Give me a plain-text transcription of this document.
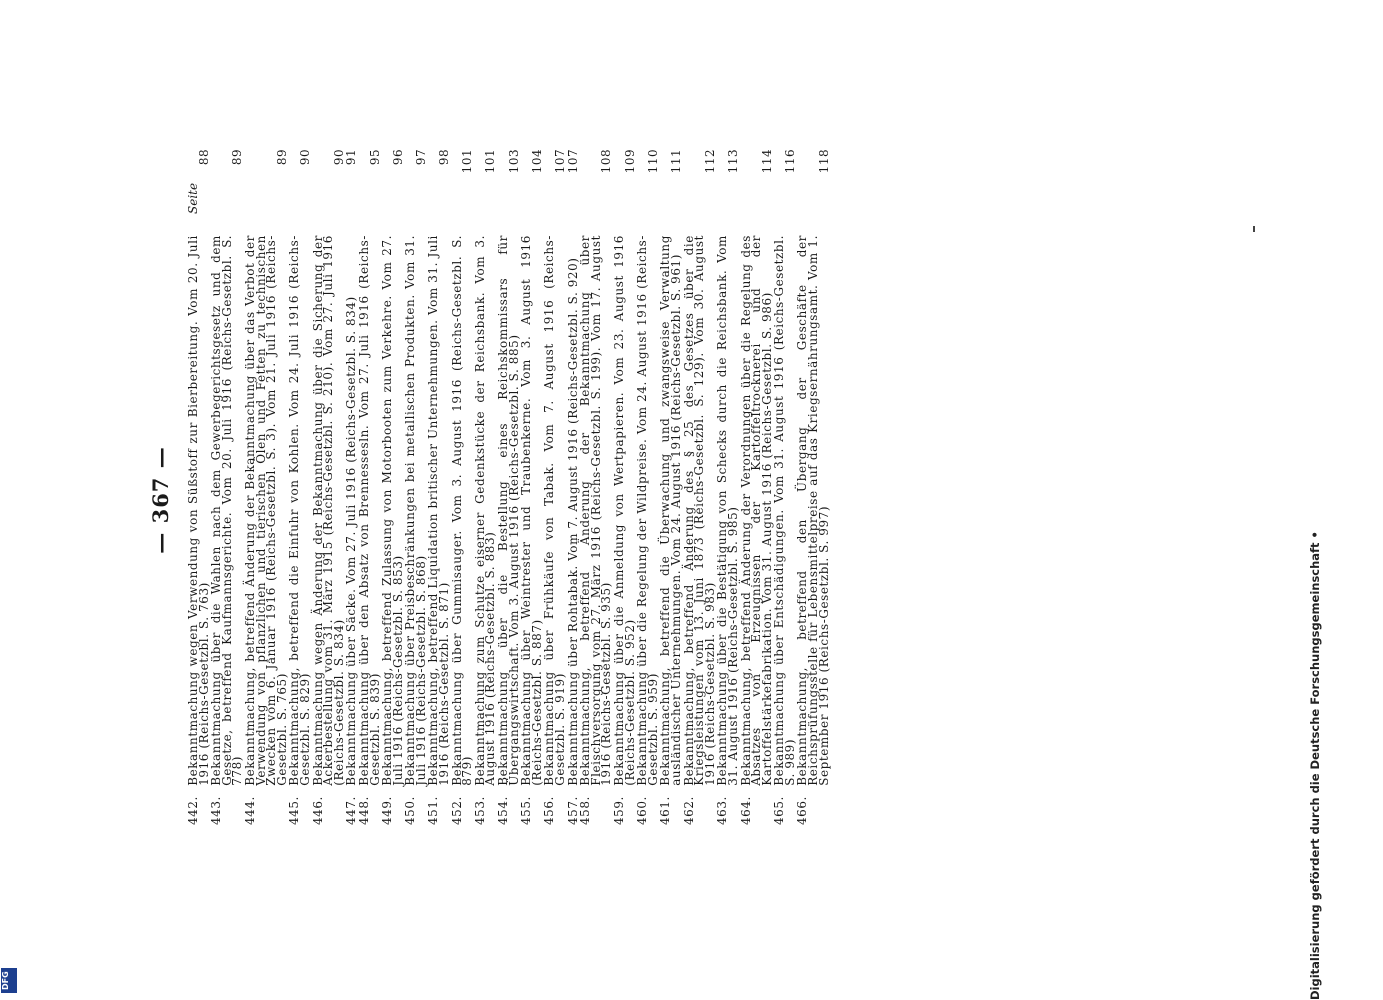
— 367 —
Seite
442.
Bekanntmachung wegen Verwendung von Süßstoff zur Bierbereitung. Vom 20. Juli 1916 (Reichs-Gesetzbl. S. 763)
88
443.
Bekanntmachung über die Wahlen nach dem Gewerbegerichtsgesetz und dem Gesetze, betreffend Kaufmannsgerichte. Vom 20. Juli 1916 (Reichs-Gesetzbl. S. 778)
89
444.
Bekanntmachung, betreffend Änderung der Bekanntmachung über das Verbot der Verwendung von pflanzlichen und tierischen Ölen und Fetten zu technischen Zwecken vom 6. Januar 1916 (Reichs-Gesetzbl. S. 3). Vom 21. Juli 1916 (Reichs-Gesetzbl. S. 765)
89
445.
Bekanntmachung, betreffend die Einfuhr von Kohlen. Vom 24. Juli 1916 (Reichs-Gesetzbl. S. 829)
90
446.
Bekanntmachung wegen Änderung der Bekanntmachung über die Sicherung der Ackerbestellung vom 31. März 1915 (Reichs-Gesetzbl. S. 210). Vom 27. Juli 1916 (Reichs-Gesetzbl. S. 834)
90
447.
Bekanntmachung über Säcke. Vom 27. Juli 1916 (Reichs-Gesetzbl. S. 834)
91
448.
Bekanntmachung über den Absatz von Brennessesln. Vom 27. Juli 1916 (Reichs-Gesetzbl. S. 839)
95
449.
Bekanntmachung, betreffend Zulassung von Motorbooten zum Verkehre. Vom 27. Juli 1916 (Reichs-Gesetzbl. S. 853)
96
450.
Bekanntmachung über Preisbeschränkungen bei metallischen Produkten. Vom 31. Juli 1916 (Reichs-Gesetzbl. S. 868)
97
451.
Bekanntmachung, betreffend Liquidation britischer Unternehmungen. Vom 31. Juli 1916 (Reichs-Gesetzbl. S. 871)
98
452.
Bekanntmachung über Gummisauger. Vom 3. August 1916 (Reichs-Gesetzbl. S. 879)
101
453.
Bekanntmachung zum Schutze eiserner Gedenkstücke der Reichsbank. Vom 3. August 1916 (Reichs-Gesetzbl. S. 883)
101
454.
Bekanntmachung über die Bestellung eines Reichskommissars für Übergangswirtschaft. Vom 3. August 1916 (Reichs-Gesetzbl. S. 885)
103
455.
Bekanntmachung über Weintrester und Traubenkerne. Vom 3. August 1916 (Reichs-Gesetzbl. S. 887)
104
456.
Bekanntmachung über Frühkäufe von Tabak. Vom 7. August 1916 (Reichs-Gesetzbl. S. 919)
107
457.
Bekanntmachung über Rohtabak. Vom 7. August 1916 (Reichs-Gesetzbl. S. 920)
107
458.
Bekanntmachung, betreffend Änderung der Bekanntmachung über Fleischversorgung vom 27. März 1916 (Reichs-Gesetzbl. S. 199). Vom 17. August 1916 (Reichs-Gesetzbl. S. 935)
108
459.
Bekanntmachung über die Anmeldung von Wertpapieren. Vom 23. August 1916 (Reichs-Gesetzbl. S. 952)
109
460.
Bekanntmachung über die Regelung der Wildpreise. Vom 24. August 1916 (Reichs-Gesetzbl. S. 959)
110
461.
Bekanntmachung, betreffend die Überwachung und zwangsweise Verwaltung ausländischer Unternehmungen. Vom 24. August 1916 (Reichs-Gesetzbl. S. 961)
111
462.
Bekanntmachung, betreffend Änderung des § 25 des Gesetzes über die Kriegsleistungen vom 13. Juni 1873 (Reichs-Gesetzbl. S. 129). Vom 30. August 1916 (Reichs-Gesetzbl. S. 983)
112
463.
Bekanntmachung über die Bestätigung von Schecks durch die Reichsbank. Vom 31. August 1916 (Reichs-Gesetzbl. S. 985)
113
464.
Bekanntmachung, betreffend Änderung der Verordnungen über die Regelung des Absatzes von Erzeugnissen der Kartoffeltrocknerei und der Kartoffelstärkefabrikation. Vom 31. August 1916 (Reichs-Gesetzbl. S. 986)
114
465.
Bekanntmachung über Entschädigungen. Vom 31. August 1916 (Reichs-Gesetzbl. S. 989)
116
466.
Bekanntmachung, betreffend den Übergang der Geschäfte der Reichsprüfungsstelle für Lebensmittelpreise auf das Kriegsernährungsamt. Vom 1. September 1916 (Reichs-Gesetzbl. S. 997)
118
Digitalisierung gefördert durch die Deutsche Forschungsgemeinschaft •
DFG
